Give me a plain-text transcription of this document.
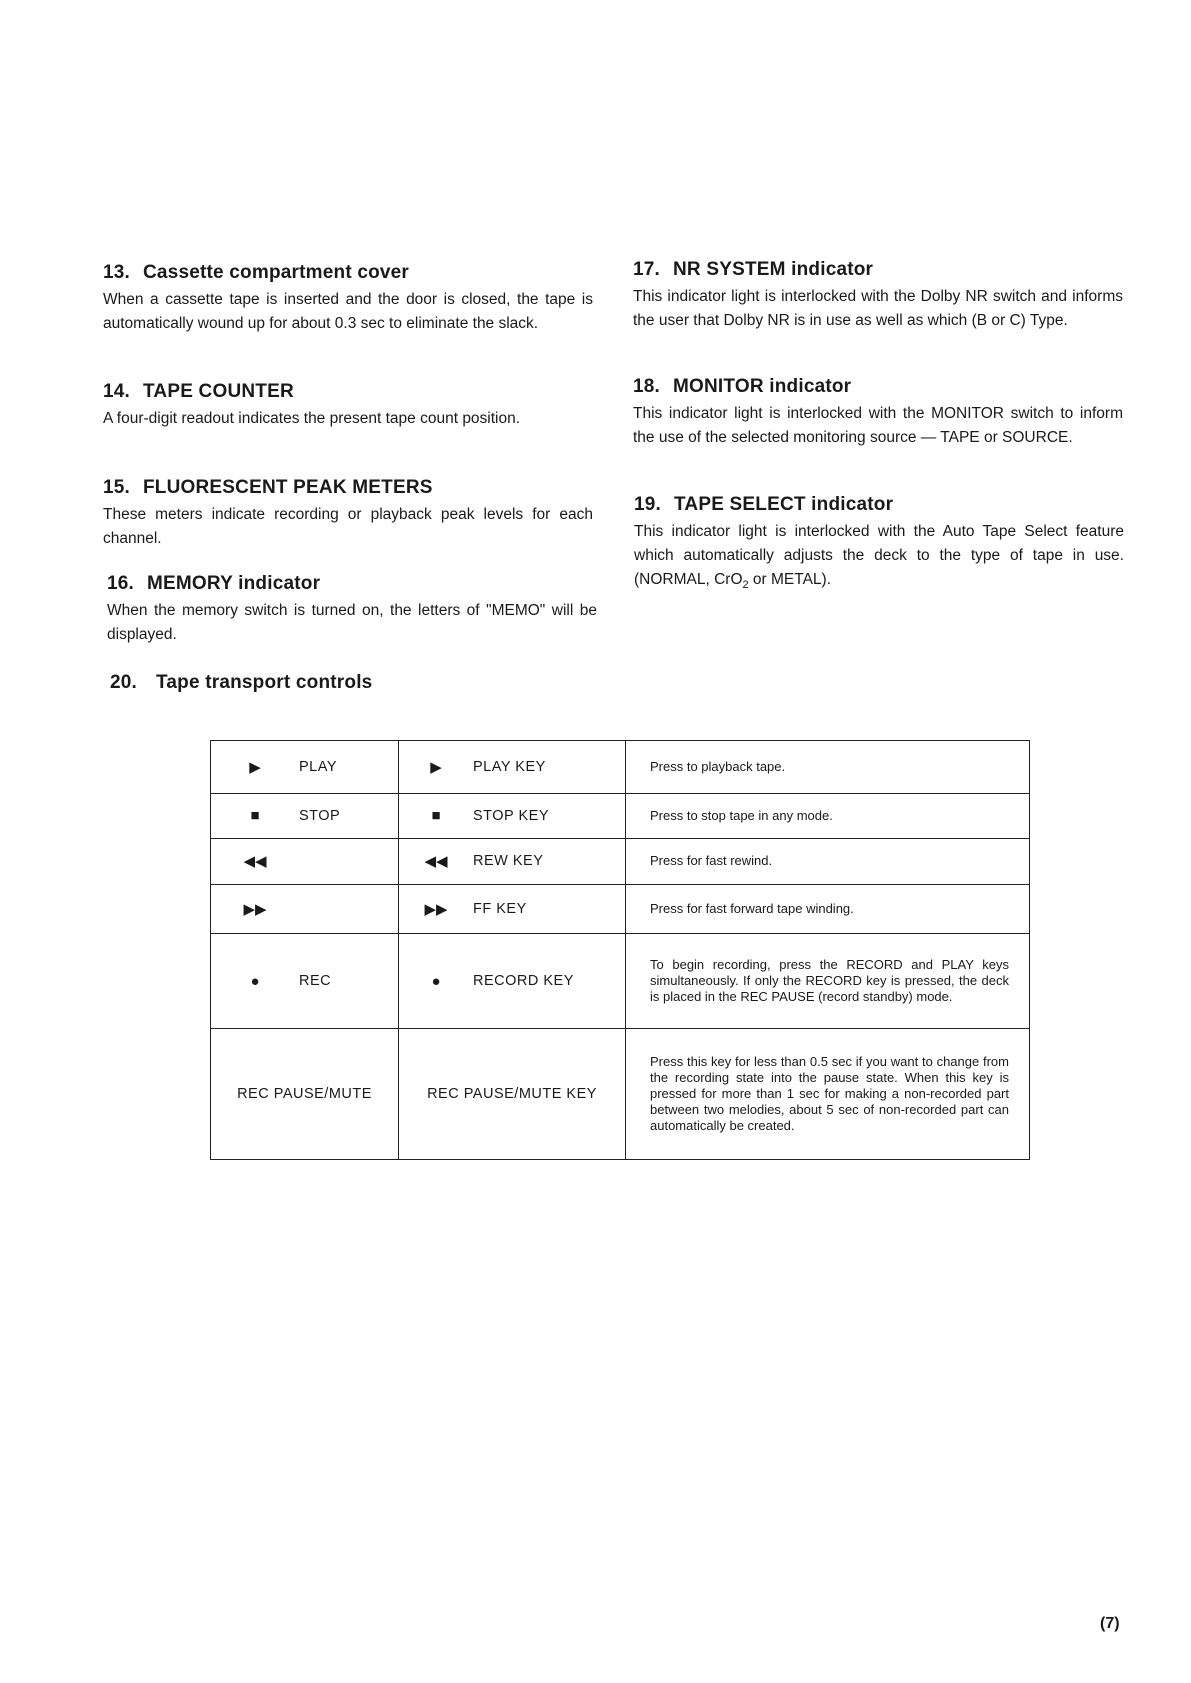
13. Cassette compartment cover

When a cassette tape is inserted and the door is closed, the tape is automatically wound up for about 0.3 sec to eliminate the slack.

14. TAPE COUNTER

A four-digit readout indicates the present tape count position.

15. FLUORESCENT PEAK METERS

These meters indicate recording or playback peak levels for each channel.

16. MEMORY indicator

When the memory switch is turned on, the letters of "MEMO" will be displayed.

17. NR SYSTEM indicator

This indicator light is interlocked with the Dolby NR switch and informs the user that Dolby NR is in use as well as which (B or C) Type.

18. MONITOR indicator

This indicator light is interlocked with the MONITOR switch to inform the use of the selected monitoring source — TAPE or SOURCE.

19. TAPE SELECT indicator

This indicator light is interlocked with the Auto Tape Select feature which automatically adjusts the deck to the type of tape in use. (NORMAL, CrO$_2$ or METAL).

20. Tape transport controls
▶ PLAY	▶ PLAY KEY	Press to playback tape.

■ STOP	■ STOP KEY	Press to stop tape in any mode.

◀◀	◀◀ REW KEY	Press for fast rewind.

▶▶	▶▶ FF KEY	Press for fast forward tape winding.

● REC	● RECORD KEY	To begin recording, press the RECORD and PLAY keys simultaneously. If only the RECORD key is pressed, the deck is placed in the REC PAUSE (record standby) mode.

REC PAUSE/MUTE	REC PAUSE/MUTE KEY	Press this key for less than 0.5 sec if you want to change from the recording state into the pause state. When this key is pressed for more than 1 sec for making a non-recorded part between two melodies, about 5 sec of non-recorded part can automatically be created.
(7)
